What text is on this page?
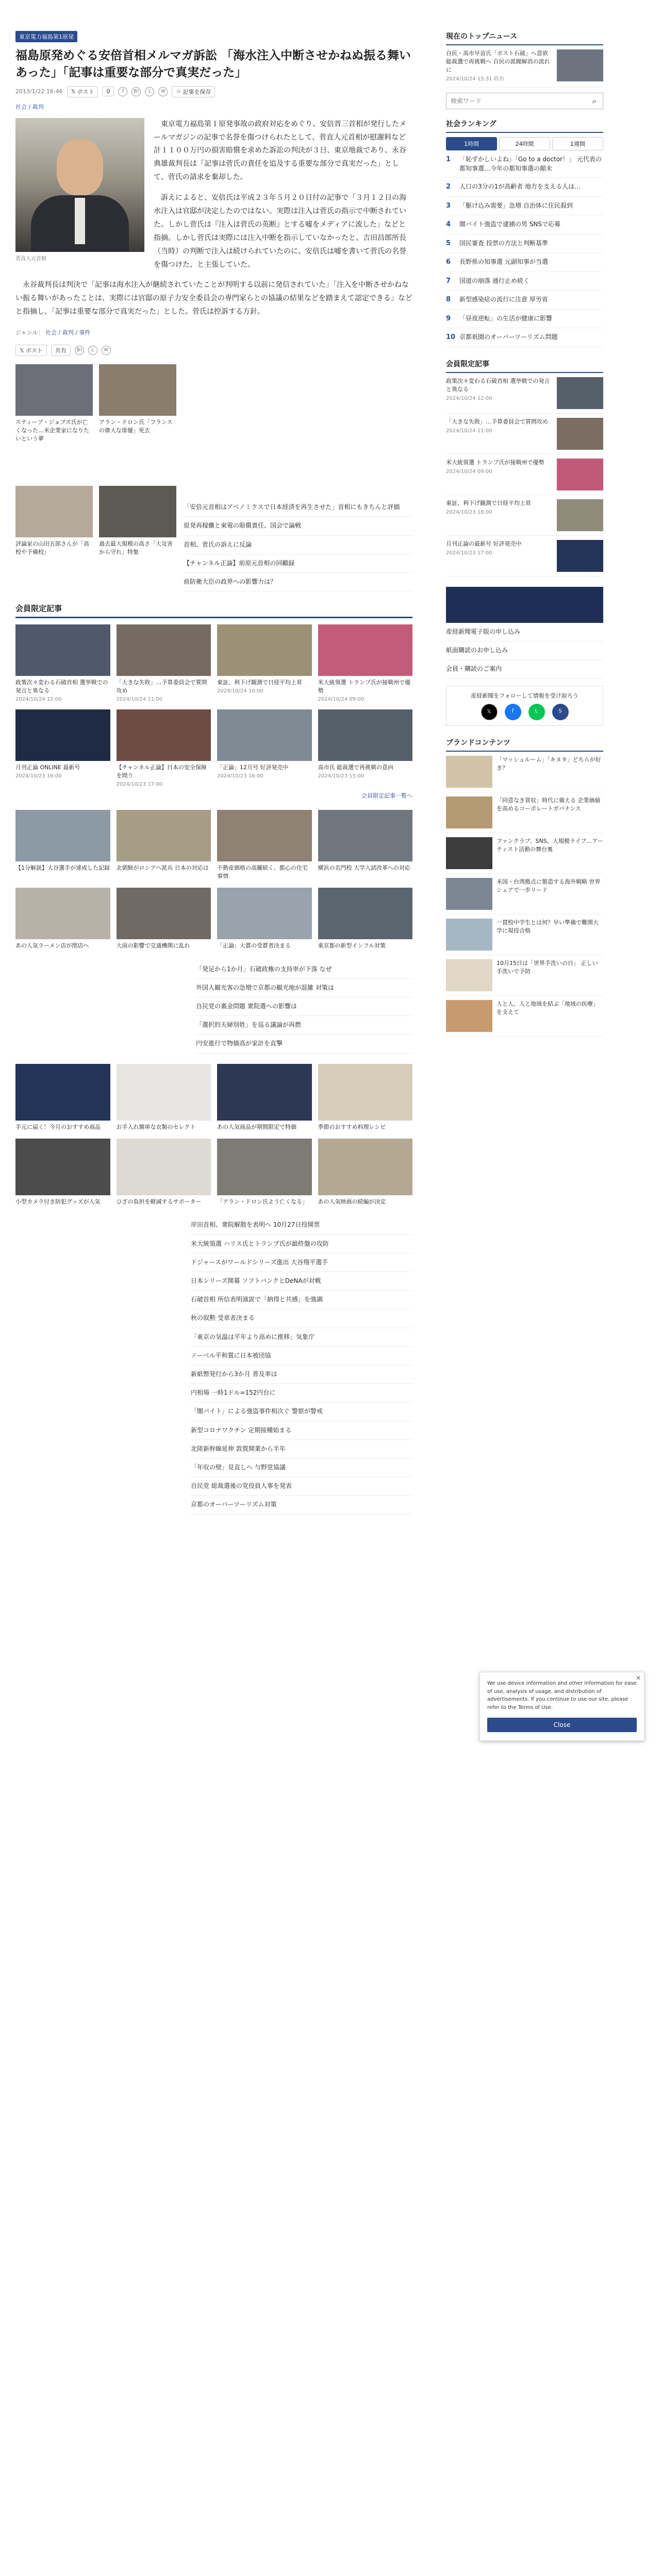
東京電力福島第1原発
福島原発めぐる安倍首相メルマガ訴訟 「海水注入中断させかねぬ振る舞いあった」「記事は重要な部分で真実だった」
2013/1/22 16:46 𝕏 ポスト	0	f	B!	L	✉	☆ 記事を保存
社会 / 裁判
菅直人元首相

東京電力福島第１原発事故の政府対応をめぐり、安倍晋三首相が発行したメールマガジンの記事で名誉を傷つけられたとして、菅直人元首相が慰謝料など計１１００万円の損害賠償を求めた訴訟の判決が３日、東京地裁であり、永谷典雄裁判長は「記事は菅氏の責任を追及する重要な部分で真実だった」として、菅氏の請求を棄却した。

訴えによると、安倍氏は平成２３年５月２０日付の記事で「３月１２日の海水注入は官邸が決定したのではない。実際は注入は菅氏の指示で中断されていた。しかし菅氏は『注入は菅氏の英断』とする嘘をメディアに流した」などと指摘。しかし菅氏は実際には注入中断を指示していなかったと、吉田昌郎所長（当時）の判断で注入は続けられていたのに、安倍氏は嘘を書いて菅氏の名誉を傷つけた、と主張していた。

永谷裁判長は判決で「記事は海水注入が継続されていたことが判明する以前に発信されていた」「注入を中断させかねない振る舞いがあったことは、実際には官邸の原子力安全委員会の専門家らとの協議の結果などを踏まえて認定できる」などと指摘し、「記事は重要な部分で真実だった」とした。菅氏は控訴する方針。

ジャンル： 社会 / 裁判 / 事件
𝕏 ポスト	共有	B!	L	✉
スティーブ・ジョブズ氏が亡くなった…米企業家になりたいという夢
アラン・ドロン氏「フランスの偉大な俳優」死去
評論家の山田五郎さんが「高校や予備校」
過去最大規模の高さ「大災害から守れ」特集
「安倍元首相はアベノミクスで日本経済を再生させた」首相にもきちんと評価
原発再稼働と東電の賠償責任、国会で論戦
首相、菅氏の訴えに反論
【チャンネル正論】前原元首相の回顧録
前防衛大臣の政界への影響力は？
会員限定記事
政策次々変わる石破首相 選挙戦での発言と異なる
2024/10/24 12:00
「大きな失敗」…予算委員会で質問攻め
2024/10/24 11:00
東証、利下げ観測で日経平均上昇
2024/10/24 10:00
米大統領選 トランプ氏が接戦州で優勢
2024/10/24 09:00
月刊正論 ONLINE 最新号
2024/10/23 18:00
【チャンネル正論】日本の安全保障を問う
2024/10/23 17:00
「正論」12月号 好評発売中
2024/10/23 16:00
高市氏 総裁選で再挑戦の意向
2024/10/23 15:00
会員限定記事一覧へ
【1分解説】大谷選手が達成した記録 北朝鮮がロシアへ派兵 日本の対応は	不動産価格の高騰続く、都心の住宅事情
横浜の名門校 大学入試改革への対応
あの人気ラーメン店が閉店へ	大雨の影響で交通機関に乱れ	「正論」大賞の受賞者決まる	東京都の新型インフル対策
「発足から1か月」石破政権の支持率が下落 なぜ
外国人観光客の急増で京都の観光地が混雑 対策は
自民党の裏金問題 衆院選への影響は
「選択的夫婦別姓」を巡る議論が再燃
円安進行で物価高が家計を直撃
手元に届く！今月のおすすめ商品	お手入れ簡単な衣類のセレクト	あの人気商品が期間限定で特価	季節のおすすめ料理レシピ
小型カメラ付き防犯グッズが人気	ひざの負担を軽減するサポーター	「アラン・ドロン氏よう亡くなる」	あの人気映画の続編が決定
岸田首相、衆院解散を表明へ 10月27日投開票
米大統領選 ハリス氏とトランプ氏が最終盤の攻防
ドジャースがワールドシリーズ進出 大谷翔平選手
日本シリーズ開幕 ソフトバンクとDeNAが対戦
石破首相 所信表明演説で「納得と共感」を強調
秋の叙勲 受章者決まる
「東京の気温は平年より高めに推移」気象庁
ノーベル平和賞に日本被団協
新紙幣発行から3か月 普及率は
円相場 一時1ドル=152円台に
「闇バイト」による強盗事件相次ぐ 警察が警戒
新型コロナワクチン 定期接種始まる
北陸新幹線延伸 敦賀開業から半年
「年収の壁」見直しへ 与野党協議
自民党 総裁選後の党役員人事を発表
京都のオーバーツーリズム対策
現在のトップニュース
自民・高市早苗氏「ポスト石破」へ意欲 総裁選で再挑戦へ 自民の派閥解消の流れに
2024/10/24 15:31 政治
検索ワード
⌕
社会ランキング
1時間	24時間	1週間
1	「恥ずかしいよね」「Go to a doctor！」 元代表の都知事選…今年の都知事選の顛末
2	人口の3分の1が高齢者 地方を支える人は…
3	「駆け込み需要」急増 自治体に住民殺到
4	闇バイト強盗で逮捕の男 SNSで応募
5	国民審査 投票の方法と判断基準
6	長野県の知事選 元副知事が当選
7	国道の崩落 通行止め続く
8	新型感染症の流行に注意 厚労省
9	「昼夜逆転」の生活が健康に影響
10 京都祇園のオーバーツーリズム問題
会員限定記事
政策次々変わる石破首相 選挙戦での発言と異なる
2024/10/24 12:00
「大きな失敗」…予算委員会で質問攻め
2024/10/24 11:00
米大統領選 トランプ氏が接戦州で優勢
2024/10/24 09:00
東証、利下げ観測で日経平均上昇
2024/10/23 18:00
月刊正論の最新号 好評発売中
2024/10/23 17:00
産経新聞電子版の申し込み
紙面購読のお申し込み
会員・購読のご案内
産経新聞をフォローして情報を受け取ろう
𝕏	f	L	S
ブランドコンテンツ
「マッシュルーム」「キヌタ」どちらが好き？
「同意なき買収」時代に備える 企業価値を高めるコーポレートガバナンス
ファンクラブ、SNS、大規模ライブ…アーティスト活動の舞台裏
米国・台湾拠点に製造する海外戦略 世界シェアで一歩リード
一貫校中学生とは何？早い準備で難関大学に現役合格
10月15日は「世界手洗いの日」 正しい手洗いで予防
人と人、人と地域を結ぶ「地域の医療」を支えて
✕

We use device information and other information for ease of use, analysis of usage, and distribution of advertisements. If you continue to use our site, please refer to the Terms of Use.

Close
